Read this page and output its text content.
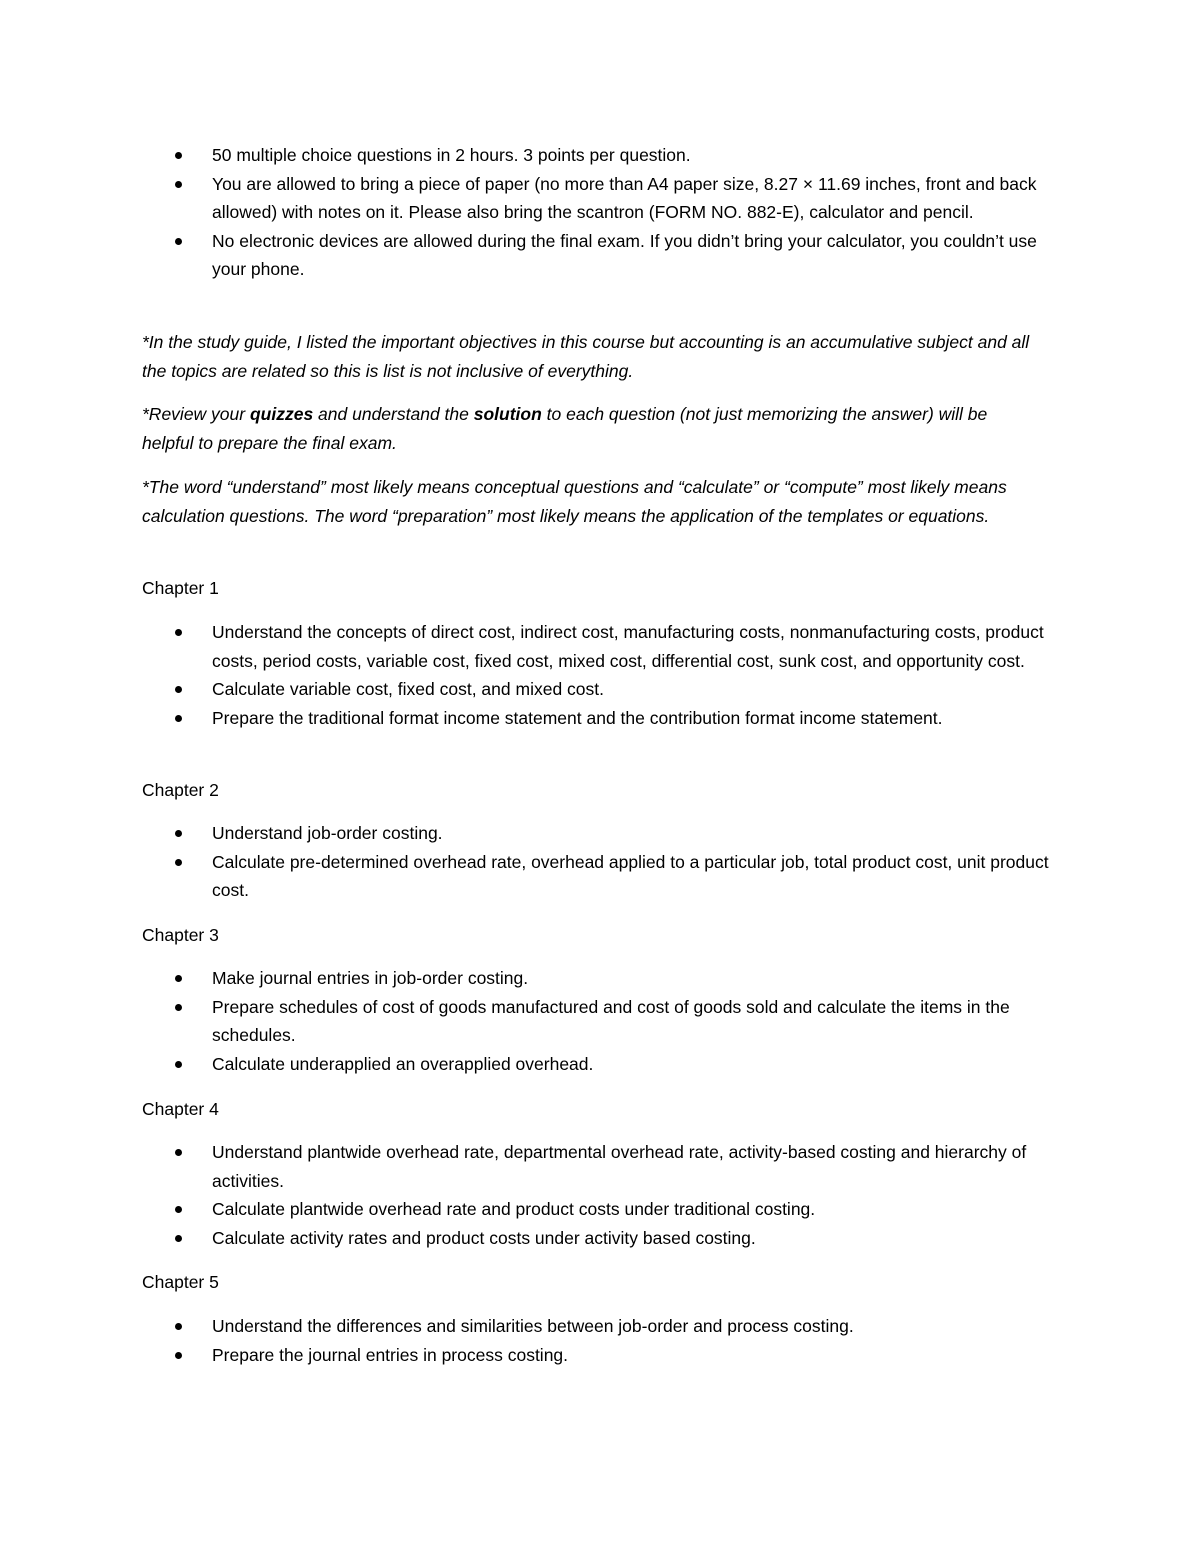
50 multiple choice questions in 2 hours. 3 points per question.
You are allowed to bring a piece of paper (no more than A4 paper size, 8.27 × 11.69 inches, front and back allowed) with notes on it. Please also bring the scantron (FORM NO. 882-E), calculator and pencil.
No electronic devices are allowed during the final exam. If you didn’t bring your calculator, you couldn’t use your phone.

*In the study guide, I listed the important objectives in this course but accounting is an accumulative subject and all the topics are related so this is list is not inclusive of everything.

*Review your quizzes and understand the solution to each question (not just memorizing the answer) will be helpful to prepare the final exam.

*The word “understand” most likely means conceptual questions and “calculate” or “compute” most likely means calculation questions. The word “preparation” most likely means the application of the templates or equations.

Chapter 1

Understand the concepts of direct cost, indirect cost, manufacturing costs, nonmanufacturing costs, product costs, period costs, variable cost, fixed cost, mixed cost, differential cost, sunk cost, and opportunity cost.
Calculate variable cost, fixed cost, and mixed cost.
Prepare the traditional format income statement and the contribution format income statement.

Chapter 2

Understand job-order costing.
Calculate pre-determined overhead rate, overhead applied to a particular job, total product cost, unit product cost.

Chapter 3

Make journal entries in job-order costing.
Prepare schedules of cost of goods manufactured and cost of goods sold and calculate the items in the schedules.
Calculate underapplied an overapplied overhead.

Chapter 4

Understand plantwide overhead rate, departmental overhead rate, activity-based costing and hierarchy of activities.
Calculate plantwide overhead rate and product costs under traditional costing.
Calculate activity rates and product costs under activity based costing.

Chapter 5

Understand the differences and similarities between job-order and process costing.
Prepare the journal entries in process costing.
